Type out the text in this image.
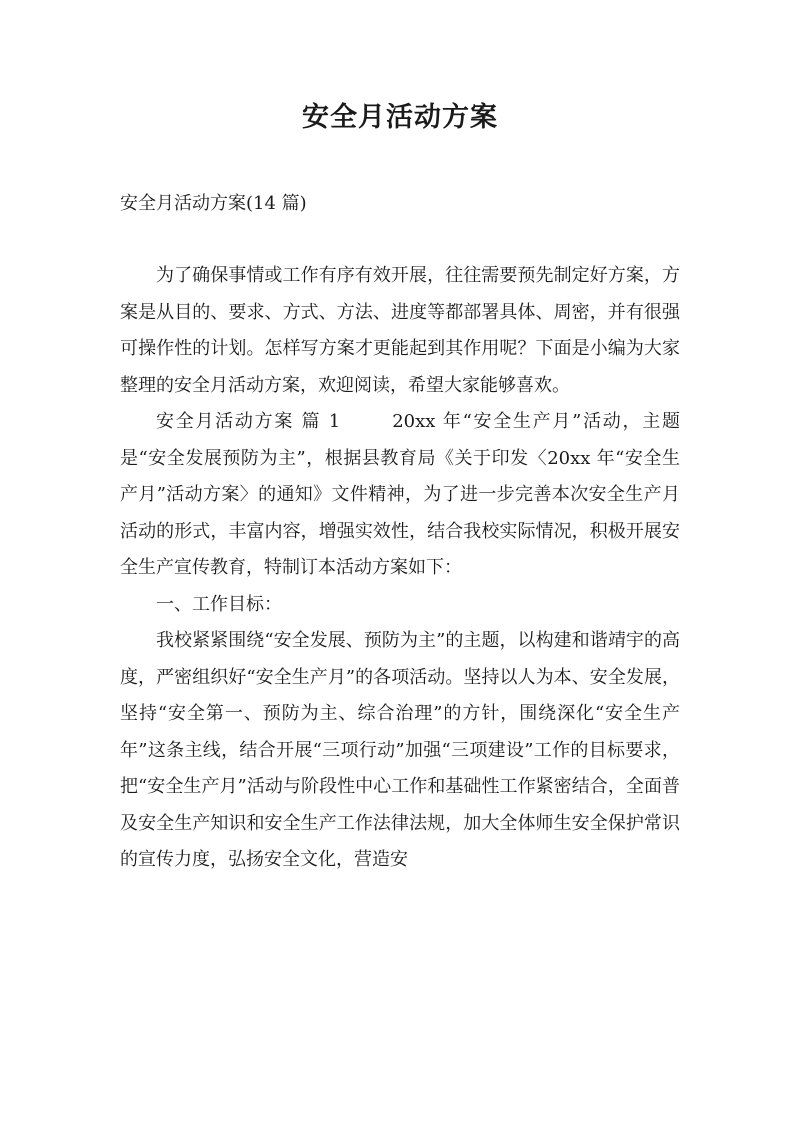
安全月活动方案
安全月活动方案(14 篇)

为了确保事情或工作有序有效开展，往往需要预先制定好方案，方案是从目的、要求、方式、方法、进度等都部署具体、周密，并有很强可操作性的计划。怎样写方案才更能起到其作用呢？下面是小编为大家整理的安全月活动方案，欢迎阅读，希望大家能够喜欢。

安全月活动方案 篇 1	20xx 年“安全生产月”活动，主题是“安全发展预防为主”，根据县教育局《关于印发〈20xx 年“安全生产月”活动方案〉的通知》文件精神，为了进一步完善本次安全生产月活动的形式，丰富内容，增强实效性，结合我校实际情况，积极开展安全生产宣传教育，特制订本活动方案如下：

一、工作目标：

我校紧紧围绕“安全发展、预防为主”的主题，以构建和谐靖宇的高度，严密组织好“安全生产月”的各项活动。坚持以人为本、安全发展，坚持“安全第一、预防为主、综合治理”的方针，围绕深化“安全生产年”这条主线，结合开展“三项行动”加强“三项建设”工作的目标要求，把“安全生产月”活动与阶段性中心工作和基础性工作紧密结合，全面普及安全生产知识和安全生产工作法律法规，加大全体师生安全保护常识的宣传力度，弘扬安全文化，营造安
